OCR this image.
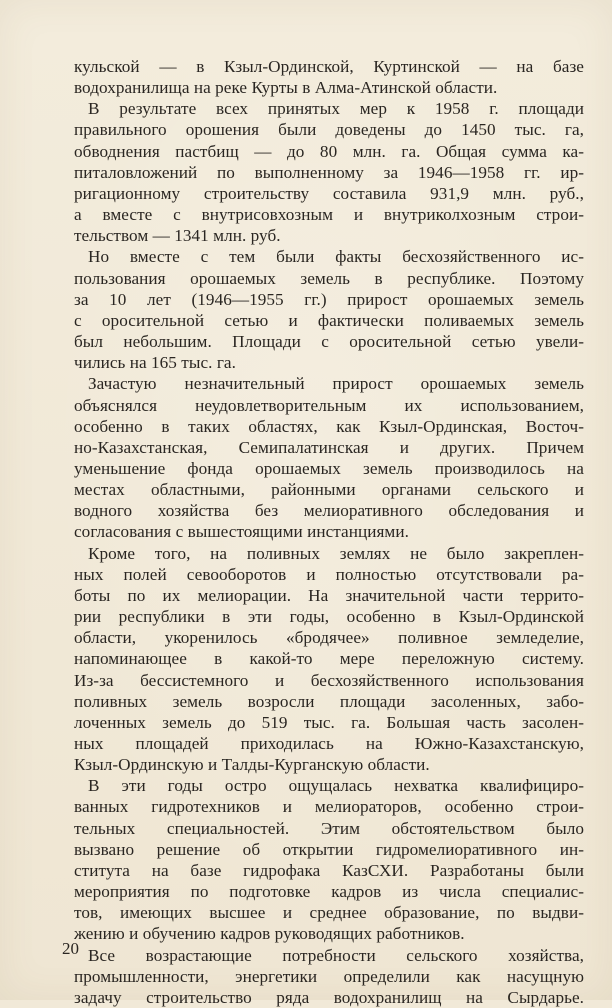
кульской — в Кзыл-Ординской, Куртинской — на базе
водохранилища на реке Курты в Алма-Атинской области.

В результате всех принятых мер к 1958 г. площади
правильного орошения были доведены до 1450 тыс. га,
обводнения пастбищ — до 80 млн. га. Общая сумма ка-
питаловложений по выполненному за 1946—1958 гг. ир-
ригационному строительству составила 931,9 млн. руб.,
а вместе с внутрисовхозным и внутриколхозным строи-
тельством — 1341 млн. руб.

Но вместе с тем были факты бесхозяйственного ис-
пользования орошаемых земель в республике. Поэтому
за 10 лет (1946—1955 гг.) прирост орошаемых земель
с оросительной сетью и фактически поливаемых земель
был небольшим. Площади с оросительной сетью увели-
чились на 165 тыс. га.

Зачастую незначительный прирост орошаемых земель
объяснялся неудовлетворительным их использованием,
особенно в таких областях, как Кзыл-Ординская, Восточ-
но-Казахстанская, Семипалатинская и других. Причем
уменьшение фонда орошаемых земель производилось на
местах областными, районными органами сельского и
водного хозяйства без мелиоративного обследования и
согласования с вышестоящими инстанциями.

Кроме того, на поливных землях не было закреплен-
ных полей севооборотов и полностью отсутствовали ра-
боты по их мелиорации. На значительной части террито-
рии республики в эти годы, особенно в Кзыл-Ординской
области, укоренилось «бродячее» поливное земледелие,
напоминающее в какой-то мере переложную систему.
Из-за бессистемного и бесхозяйственного использования
поливных земель возросли площади засоленных, забо-
лоченных земель до 519 тыс. га. Большая часть засолен-
ных площадей приходилась на Южно-Казахстанскую,
Кзыл-Ординскую и Талды-Курганскую области.

В эти годы остро ощущалась нехватка квалифициро-
ванных гидротехников и мелиораторов, особенно строи-
тельных специальностей. Этим обстоятельством было
вызвано решение об открытии гидромелиоративного ин-
ститута на базе гидрофака КазСХИ. Разработаны были
мероприятия по подготовке кадров из числа специалис-
тов, имеющих высшее и среднее образование, по выдви-
жению и обучению кадров руководящих работников.

Все возрастающие потребности сельского хозяйства,
промышленности, энергетики определили как насущную
задачу строительство ряда водохранилищ на Сырдарье.

20
